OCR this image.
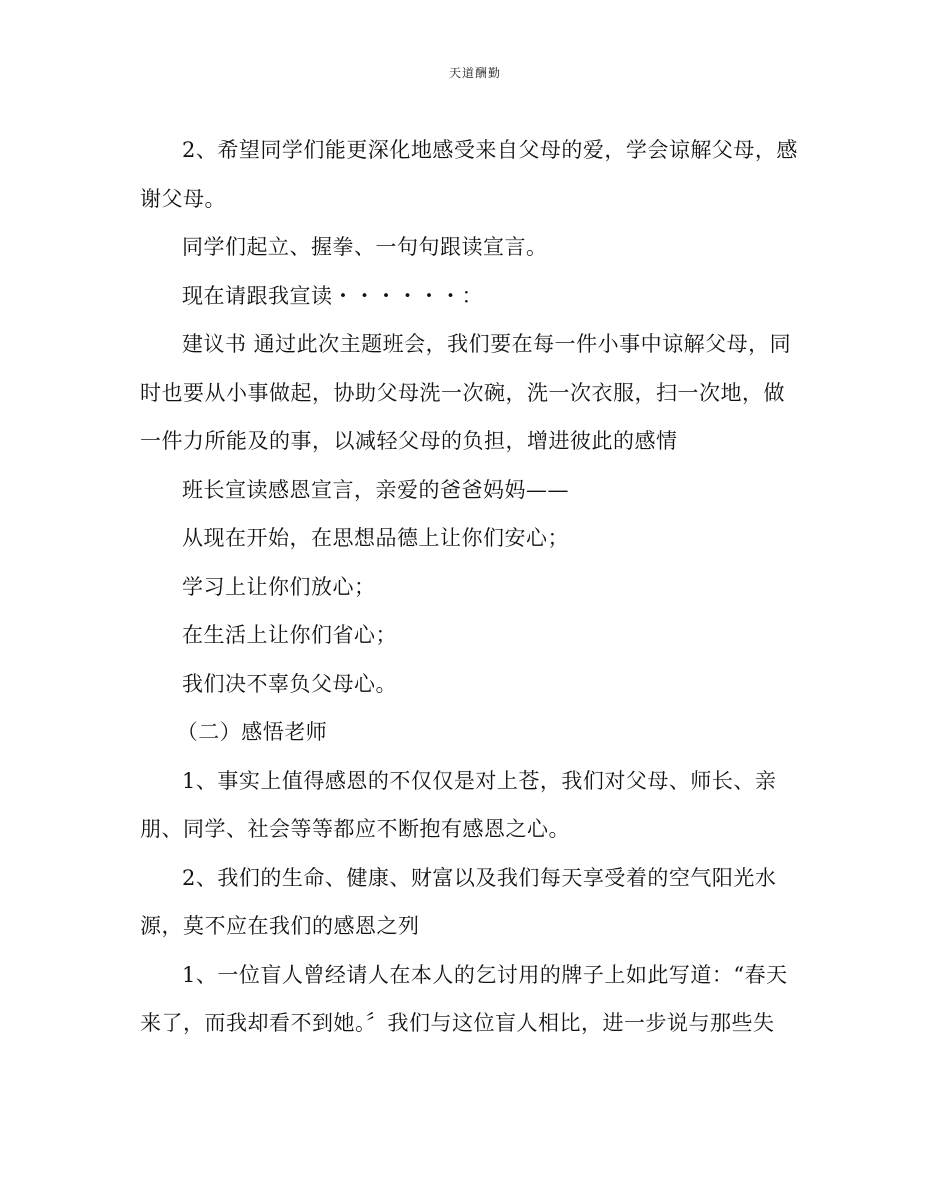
天道酬勤

2、希望同学们能更深化地感受来自父母的爱，学会谅解父母，感

谢父母。

同学们起立、握拳、一句句跟读宣言。

现在请跟我宣读・・・・・・：

建议书 通过此次主题班会，我们要在每一件小事中谅解父母，同

时也要从小事做起，协助父母洗一次碗，洗一次衣服，扫一次地，做

一件力所能及的事，以减轻父母的负担，增进彼此的感情

班长宣读感恩宣言，亲爱的爸爸妈妈——

从现在开始，在思想品德上让你们安心；

学习上让你们放心；

在生活上让你们省心；

我们决不辜负父母心。

（二）感悟老师

1、事实上值得感恩的不仅仅是对上苍，我们对父母、师长、亲

朋、同学、社会等等都应不断抱有感恩之心。

2、我们的生命、健康、财富以及我们每天享受着的空气阳光水

源，莫不应在我们的感恩之列

1、一位盲人曾经请人在本人的乞讨用的牌子上如此写道：“春天

来了，而我却看不到她。〞我们与这位盲人相比，进一步说与那些失
